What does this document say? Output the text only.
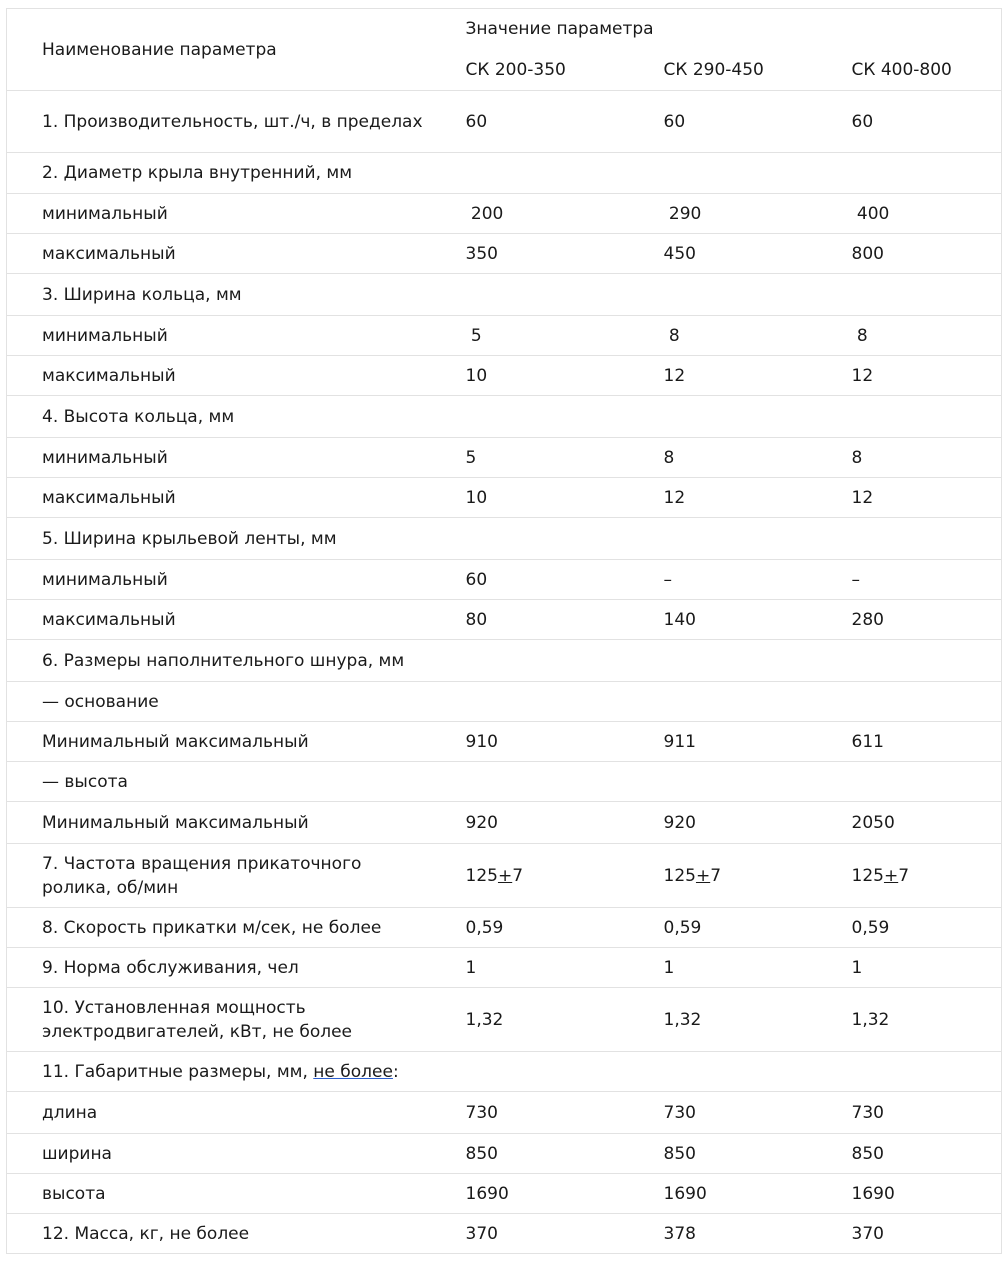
Наименование параметра	Значение параметра		
	СК 200-350	СК 290-450	СК 400-800
1. Производительность, шт./ч, в пределах	60	60	60
2. Диаметр крыла внутренний, мм			
минимальный	200	290	400
максимальный	350	450	800
3. Ширина кольца, мм			
минимальный	5	8	8
максимальный	10	12	12
4. Высота кольца, мм			
минимальный	5	8	8
максимальный	10	12	12
5. Ширина крыльевой ленты, мм			
минимальный	60	–	–
максимальный	80	140	280
6. Размеры наполнительного шнура, мм			
— основание			
Минимальный максимальный	910	911	611
— высота			
Минимальный максимальный	920	920	2050
7. Частота вращения прикаточного ролика, об/мин	125+7	125+7	125+7
8. Скорость прикатки м/сек, не более	0,59	0,59	0,59
9. Норма обслуживания, чел	1	1	1
10. Установленная мощность электродвигателей, кВт, не более	1,32	1,32	1,32
11. Габаритные размеры, мм, не более:			
длина	730	730	730
ширина	850	850	850
высота	1690	1690	1690
12. Масса, кг, не более	370	378	370
